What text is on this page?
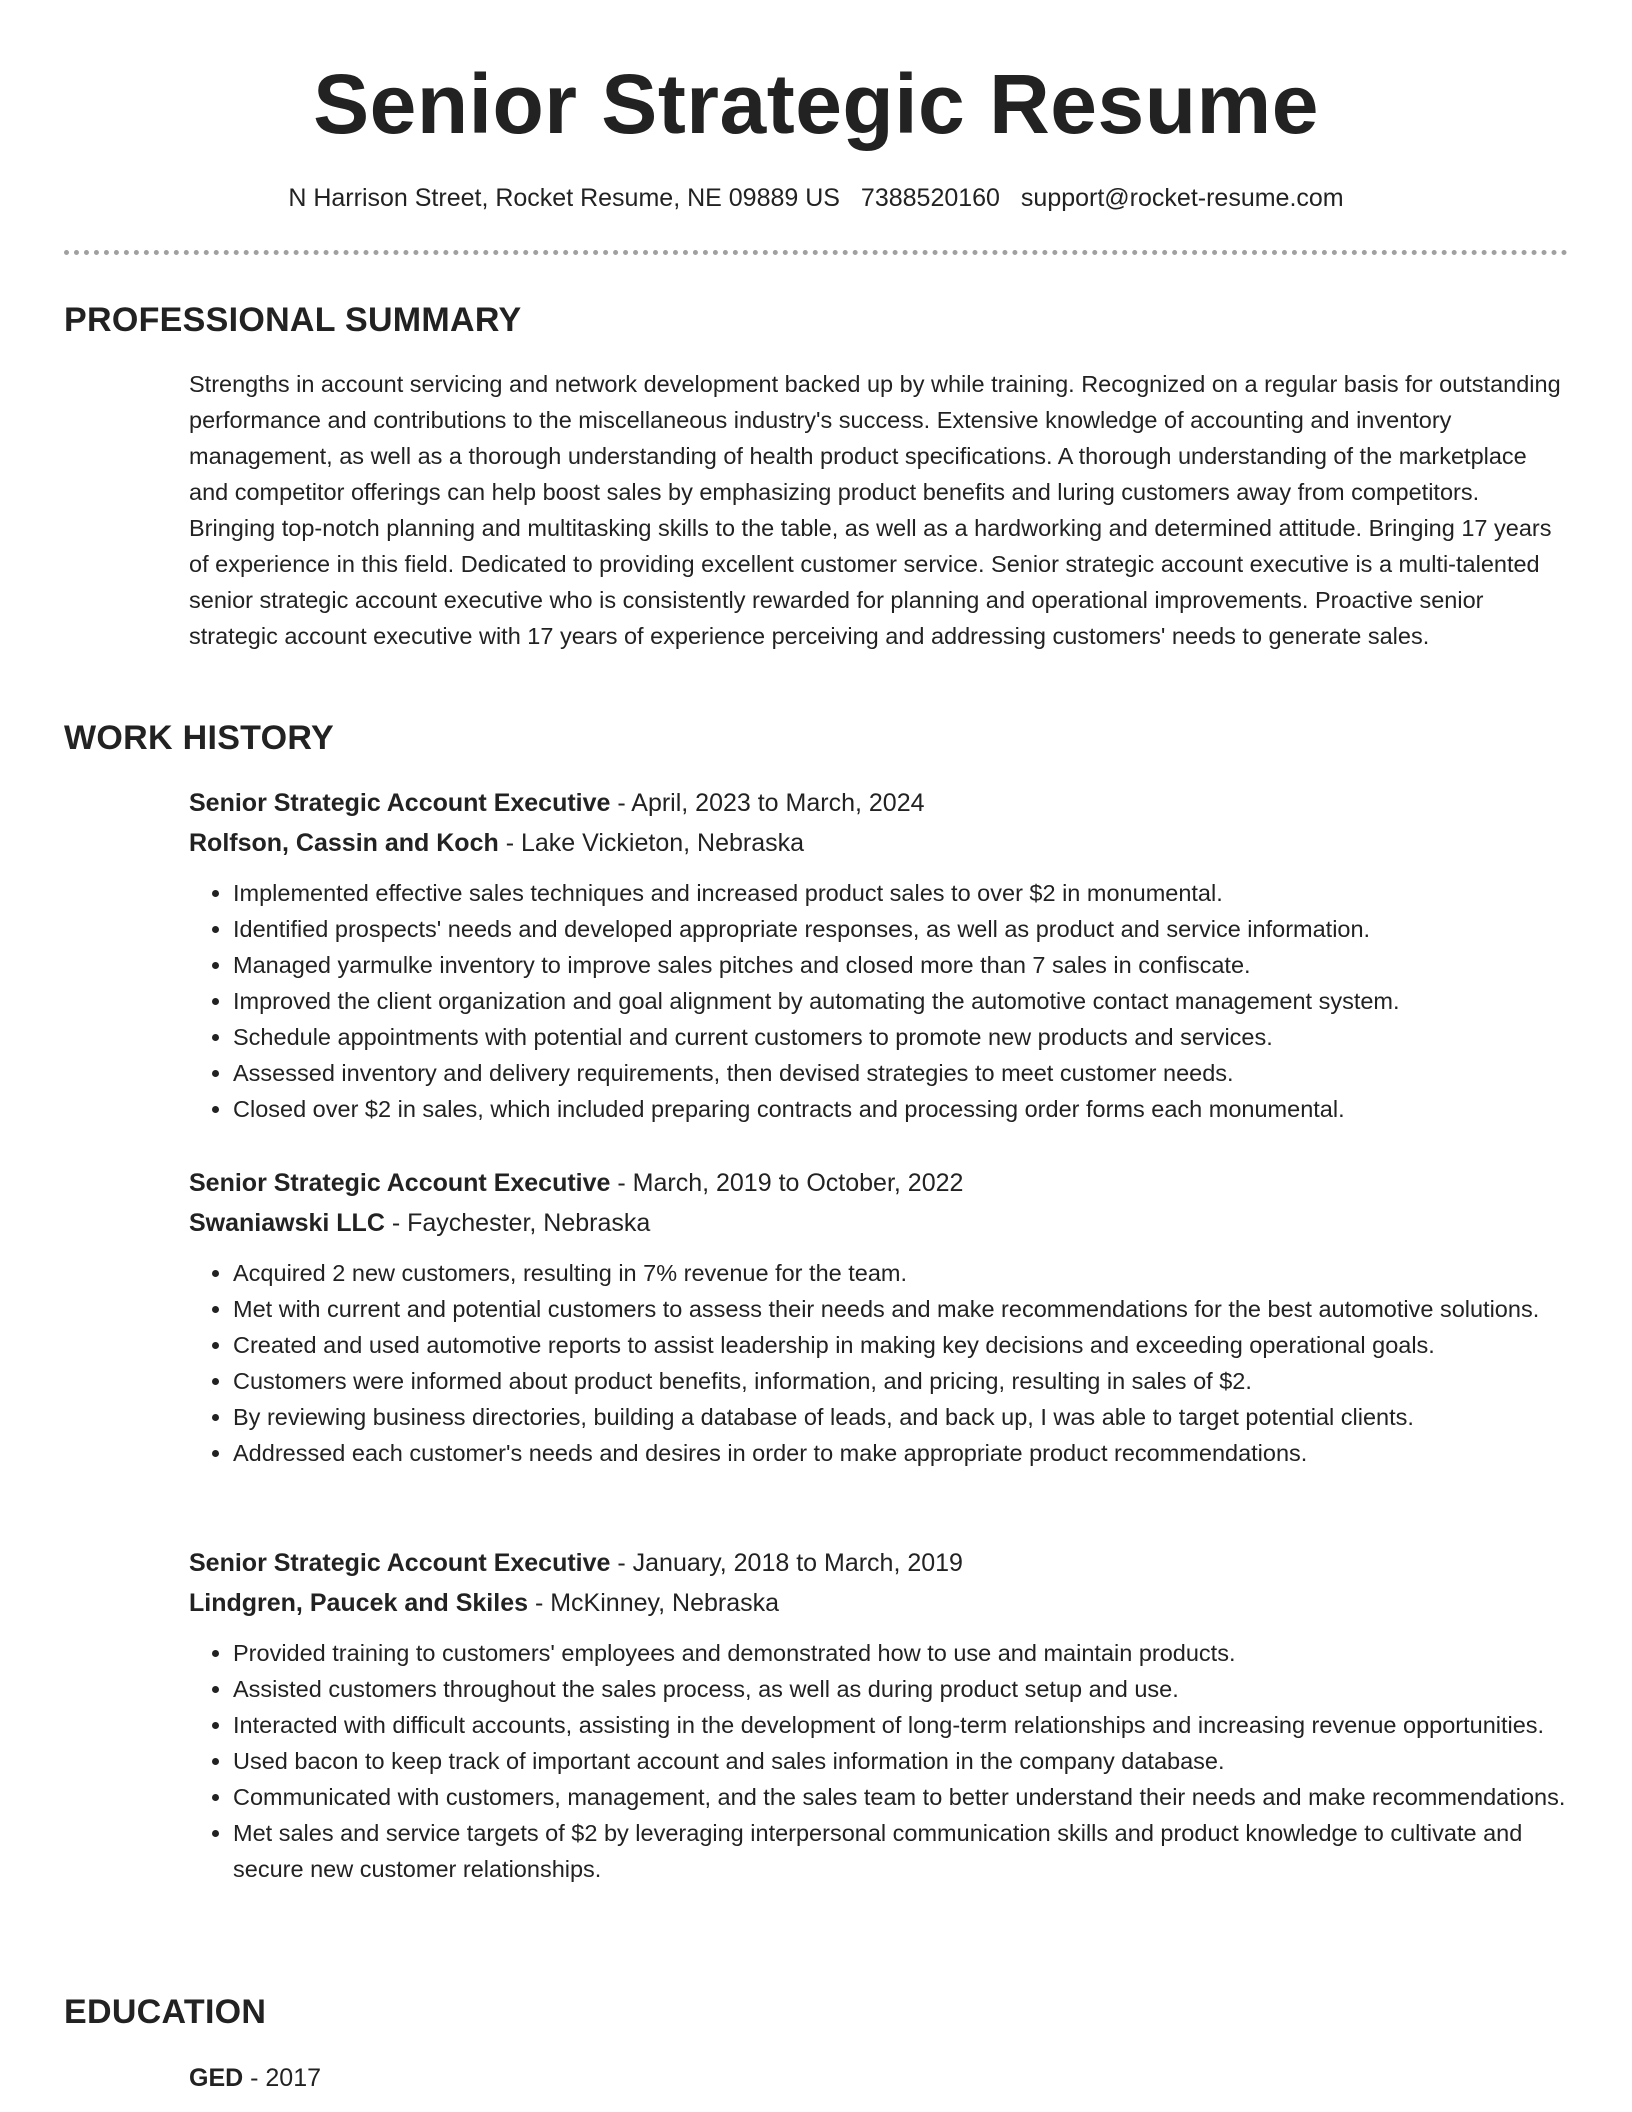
Senior Strategic Resume
N Harrison Street, Rocket Resume, NE 09889 US 7388520160 support@rocket-resume.com
PROFESSIONAL SUMMARY

Strengths in account servicing and network development backed up by while training. Recognized on a regular basis for outstanding performance and contributions to the miscellaneous industry's success. Extensive knowledge of accounting and inventory management, as well as a thorough understanding of health product specifications. A thorough understanding of the marketplace and competitor offerings can help boost sales by emphasizing product benefits and luring customers away from competitors. Bringing top-notch planning and multitasking skills to the table, as well as a hardworking and determined attitude. Bringing 17 years of experience in this field. Dedicated to providing excellent customer service. Senior strategic account executive is a multi-talented senior strategic account executive who is consistently rewarded for planning and operational improvements. Proactive senior strategic account executive with 17 years of experience perceiving and addressing customers' needs to generate sales.

WORK HISTORY

Senior Strategic Account Executive - April, 2023 to March, 2024

Rolfson, Cassin and Koch - Lake Vickieton, Nebraska

• Implemented effective sales techniques and increased product sales to over $2 in monumental.
• Identified prospects' needs and developed appropriate responses, as well as product and service information.
• Managed yarmulke inventory to improve sales pitches and closed more than 7 sales in confiscate.
• Improved the client organization and goal alignment by automating the automotive contact management system.
• Schedule appointments with potential and current customers to promote new products and services.
• Assessed inventory and delivery requirements, then devised strategies to meet customer needs.
• Closed over $2 in sales, which included preparing contracts and processing order forms each monumental.

Senior Strategic Account Executive - March, 2019 to October, 2022

Swaniawski LLC - Faychester, Nebraska

• Acquired 2 new customers, resulting in 7% revenue for the team.
• Met with current and potential customers to assess their needs and make recommendations for the best automotive solutions.
• Created and used automotive reports to assist leadership in making key decisions and exceeding operational goals.
• Customers were informed about product benefits, information, and pricing, resulting in sales of $2.
• By reviewing business directories, building a database of leads, and back up, I was able to target potential clients.
• Addressed each customer's needs and desires in order to make appropriate product recommendations.

Senior Strategic Account Executive - January, 2018 to March, 2019

Lindgren, Paucek and Skiles - McKinney, Nebraska

• Provided training to customers' employees and demonstrated how to use and maintain products.
• Assisted customers throughout the sales process, as well as during product setup and use.
• Interacted with difficult accounts, assisting in the development of long-term relationships and increasing revenue opportunities.
• Used bacon to keep track of important account and sales information in the company database.
• Communicated with customers, management, and the sales team to better understand their needs and make recommendations.
• Met sales and service targets of $2 by leveraging interpersonal communication skills and product knowledge to cultivate and secure new customer relationships.
EDUCATION

GED - 2017
